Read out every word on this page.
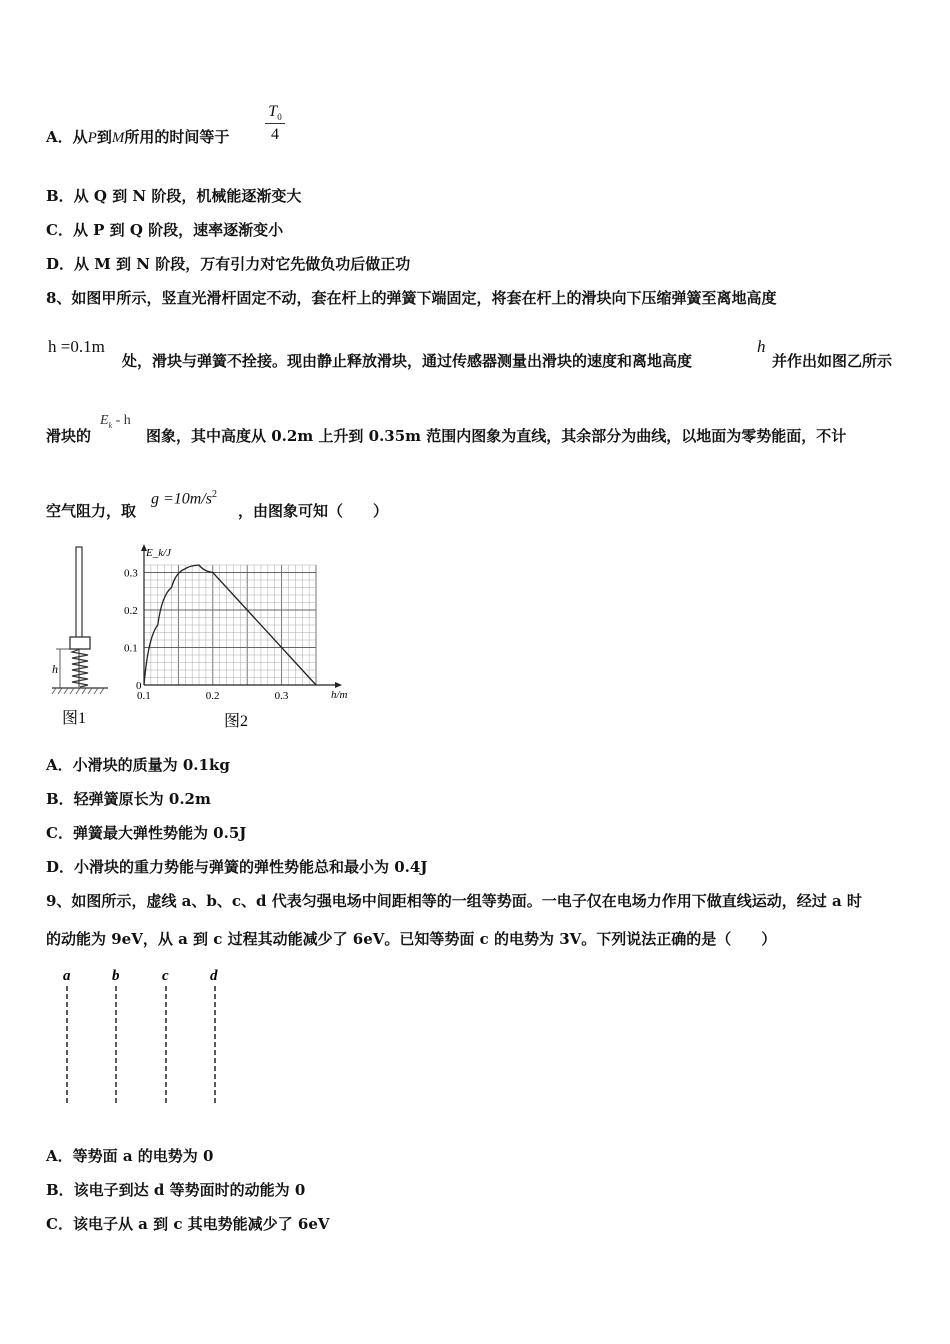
A．从P到M所用的时间等于 $\frac{T_0}{4}$
B．从 Q 到 N 阶段，机械能逐渐变大
C．从 P 到 Q 阶段，速率逐渐变小
D．从 M 到 N 阶段，万有引力对它先做负功后做正功
8、如图甲所示，竖直光滑杆固定不动，套在杆上的弹簧下端固定，将套在杆上的滑块向下压缩弹簧至离地高度
h =0.1m
处，滑块与弹簧不拴接。现由静止释放滑块，通过传感器测量出滑块的速度和离地高度
h
并作出如图乙所示
滑块的
$E_k$ - h
图象，其中高度从 0.2m 上升到 0.35m 范围内图象为直线，其余部分为曲线，以地面为零势能面，不计
空气阻力，取
$g =10m/s^2$
，由图象可知（　　）
h
图1
0.1	0.2	0.3
0
0.1
0.2
0.3
E_k/J
h/m
图2
A．小滑块的质量为 0.1kg
B．轻弹簧原长为 0.2m
C．弹簧最大弹性势能为 0.5J
D．小滑块的重力势能与弹簧的弹性势能总和最小为 0.4J
9、如图所示，虚线 a、b、c、d 代表匀强电场中间距相等的一组等势面。一电子仅在电场力作用下做直线运动，经过 a 时
的动能为 9eV，从 a 到 c 过程其动能减少了 6eV。已知等势面 c 的电势为 3V。下列说法正确的是（　　）
a	b	c	d
A．等势面 a 的电势为 0
B．该电子到达 d 等势面时的动能为 0
C．该电子从 a 到 c 其电势能减少了 6eV
